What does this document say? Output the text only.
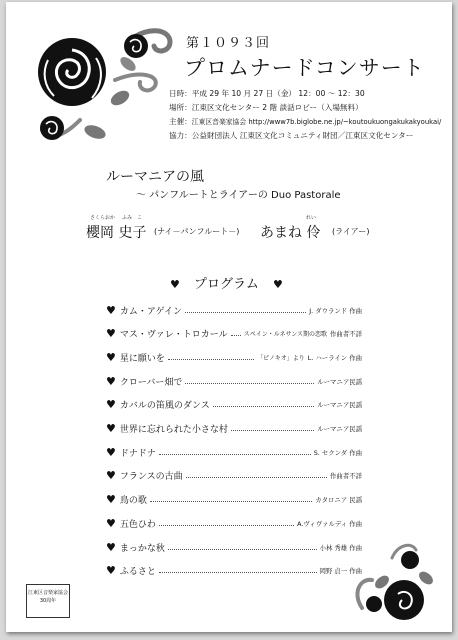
第１０９３回
プロムナードコンサート
日時：平成 29 年 10 月 27 日（金） 12：00 ～ 12：30
場所：江東区文化センター 2 階 談話ロビー（入場無料）
主催：江東区音楽家協会 http://www7b.biglobe.ne.jp/~koutoukuongakukakyoukai/
協力：公益財団法人 江東区文化コミュニティ財団／江東区文化センター
ルーマニアの風
～ パンフルートとライアーの Duo Pastorale
さくらおか ふみ　こ
櫻岡 史子 (ナイ－パンフルート－)
れい
あまね 伶 (ライアー)
♥ プログラム ♥
♥ カム・アゲイン	J. ダウランド 作曲
♥ マス・ヴァレ・トロカール	スペイン・ルネサンス期の恋歌 作曲者不詳
♥ 星に願いを	「ピノキオ」より L. ハーライン 作曲
♥ クローバー畑で	ルーマニア民謡
♥ カバルの笛風のダンス	ルーマニア民謡
♥ 世界に忘れられた小さな村	ルーマニア民謡
♥ ドナドナ	S. セクンダ 作曲
♥ フランスの古曲	作曲者不詳
♥ 鳥の歌	カタロニア 民謡
♥ 五色ひわ	A.ヴィヴァルディ 作曲
♥ まっかな秋	小林 秀雄 作曲
♥ ふるさと	岡野 貞一 作曲
江東区音楽家協会
30周年
